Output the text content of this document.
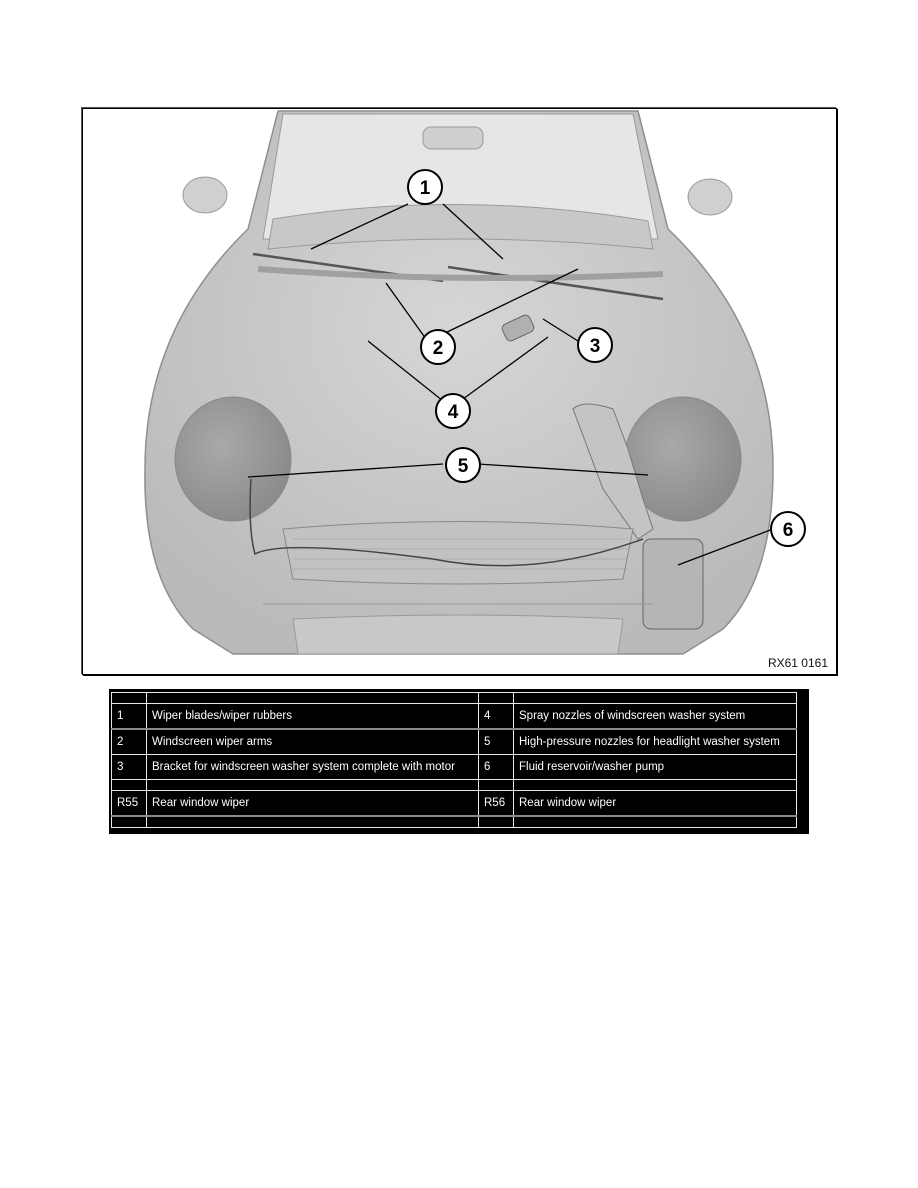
1
2	3
4
5
6
RX61 0161

1	Wiper blades/wiper rubbers	4	Spray nozzles of windscreen washer system
2	Windscreen wiper arms	5	High-pressure nozzles for headlight washer system
3	Bracket for windscreen washer system complete with motor	6	Fluid reservoir/washer pump

R55	Rear window wiper	R56	Rear window wiper
